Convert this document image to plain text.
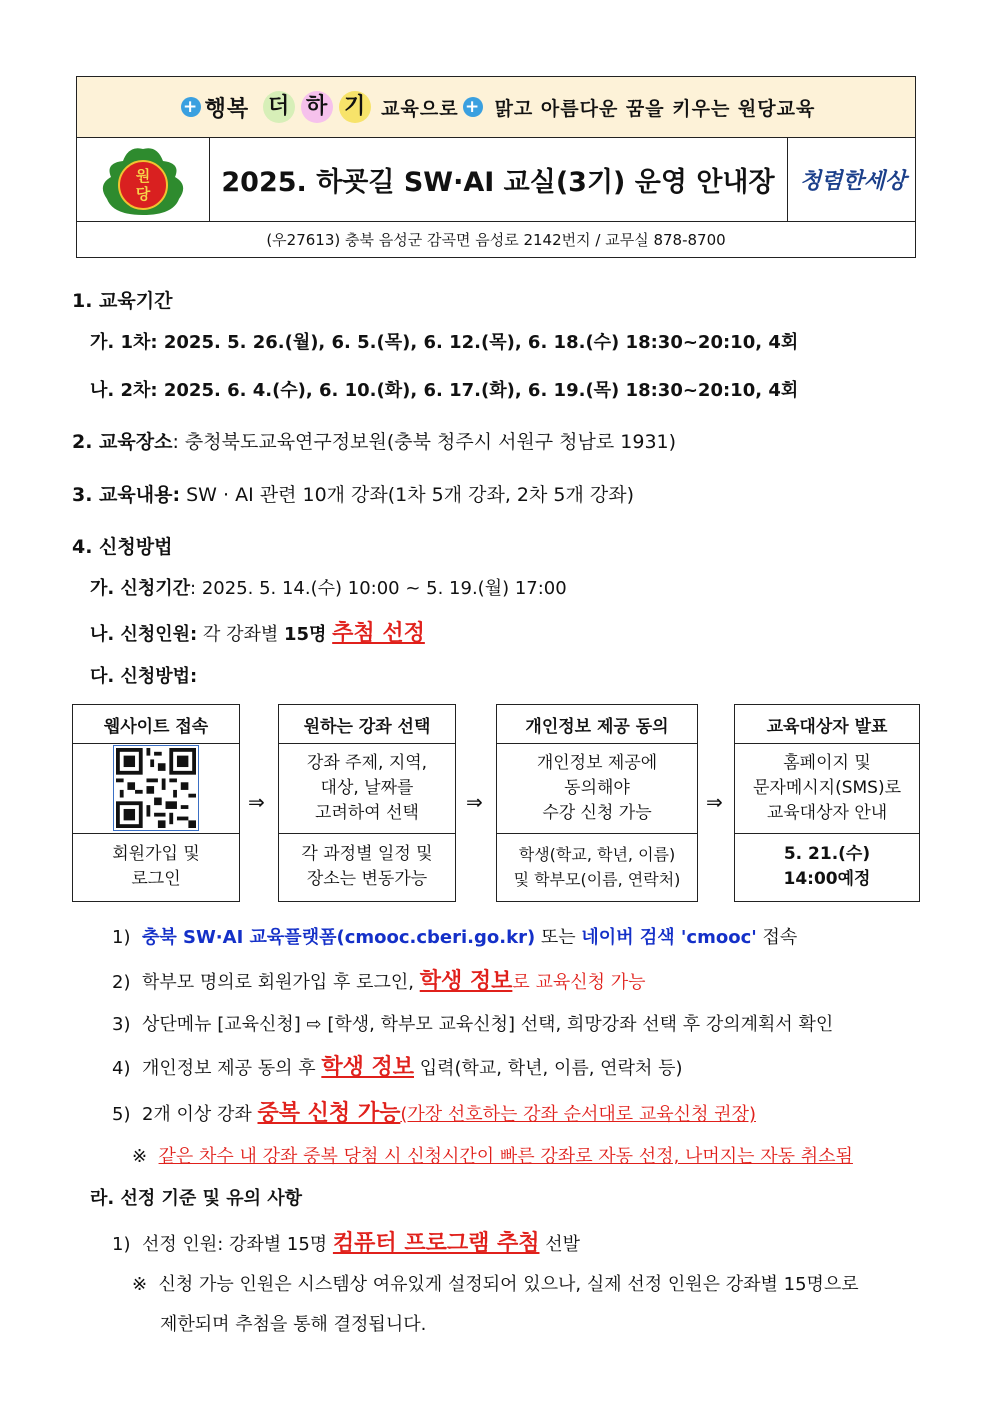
+ 행복 더 하 기 교육으로 + 맑고 아름다운 꿈을 키우는 원당교육
원
당	2025. 하굣길 SW·AI 교실(3기) 운영 안내장	청렴한세상
(우27613) 충북 음성군 감곡면 음성로 2142번지 / 교무실 878-8700
1. 교육기간
가. 1차: 2025. 5. 26.(월), 6. 5.(목), 6. 12.(목), 6. 18.(수) 18:30~20:10, 4회
나. 2차: 2025. 6. 4.(수), 6. 10.(화), 6. 17.(화), 6. 19.(목) 18:30~20:10, 4회
2. 교육장소: 충청북도교육연구정보원(충북 청주시 서원구 청남로 1931)
3. 교육내용: SW · AI 관련 10개 강좌(1차 5개 강좌, 2차 5개 강좌)
4. 신청방법
가. 신청기간: 2025. 5. 14.(수) 10:00 ~ 5. 19.(월) 17:00
나. 신청인원: 각 강좌별 15명 추첨 선정
다. 신청방법:
웹사이트 접속
회원가입 및
로그인
⇒
원하는 강좌 선택
강좌 주제, 지역,
대상, 날짜를
고려하여 선택
각 과정별 일정 및
장소는 변동가능
⇒
개인정보 제공 동의
개인정보 제공에
동의해야
수강 신청 가능
학생(학교, 학년, 이름)
및 학부모(이름, 연락처)
⇒
교육대상자 발표
홈페이지 및
문자메시지(SMS)로
교육대상자 안내
5. 21.(수)
14:00예정
1) 충북 SW·AI 교육플랫폼(cmooc.cberi.go.kr) 또는 네이버 검색 'cmooc' 접속
2) 학부모 명의로 회원가입 후 로그인, 학생 정보로 교육신청 가능
3) 상단메뉴 [교육신청] ⇨ [학생, 학부모 교육신청] 선택, 희망강좌 선택 후 강의계획서 확인
4) 개인정보 제공 동의 후 학생 정보 입력(학교, 학년, 이름, 연락처 등)
5) 2개 이상 강좌 중복 신청 가능(가장 선호하는 강좌 순서대로 교육신청 권장)
※ 같은 차수 내 강좌 중복 당첨 시 신청시간이 빠른 강좌로 자동 선정, 나머지는 자동 취소됨
라. 선정 기준 및 유의 사항
1) 선정 인원: 강좌별 15명 컴퓨터 프로그램 추첨 선발
※ 신청 가능 인원은 시스템상 여유있게 설정되어 있으나, 실제 선정 인원은 강좌별 15명으로
제한되며 추첨을 통해 결정됩니다.
